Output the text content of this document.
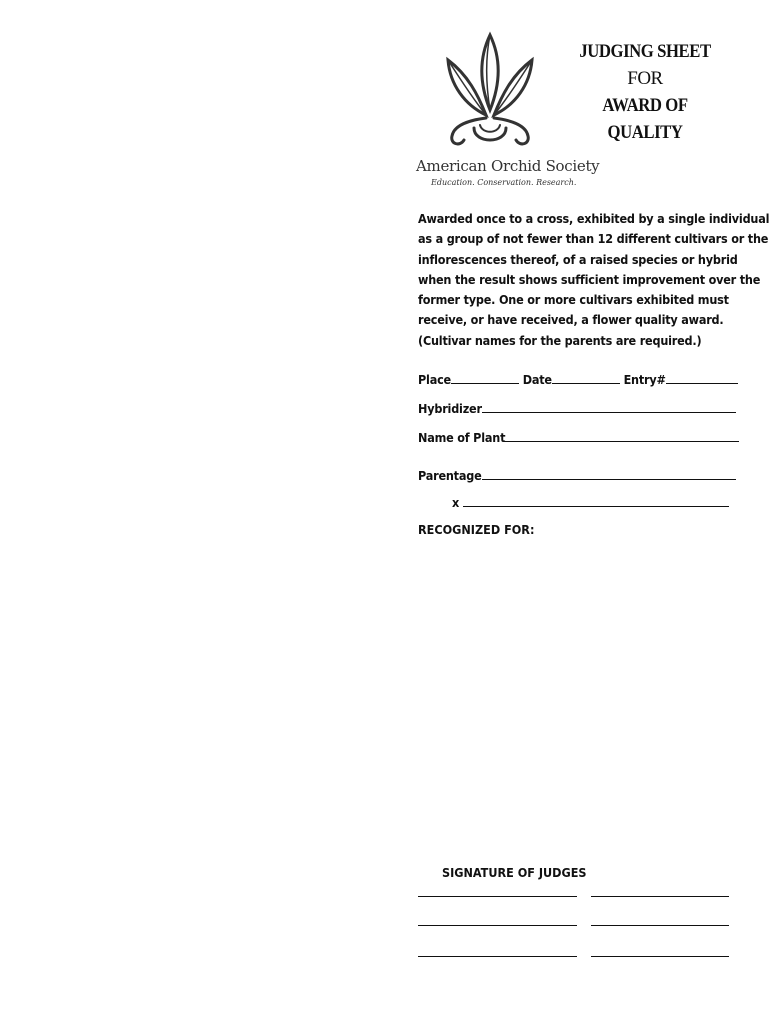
American Orchid Society
Education. Conservation. Research.
JUDGING SHEET
FOR
AWARD OF QUALITY
Awarded once to a cross, exhibited by a single individual
as a group of not fewer than 12 different cultivars or the
inflorescences thereof, of a raised species or hybrid
when the result shows sufficient improvement over the
former type. One or more cultivars exhibited must
receive, or have received, a flower quality award.
(Cultivar names for the parents are required.)
Place	Date	Entry#
Hybridizer
Name of Plant
Parentage
x
RECOGNIZED FOR:
SIGNATURE OF JUDGES
